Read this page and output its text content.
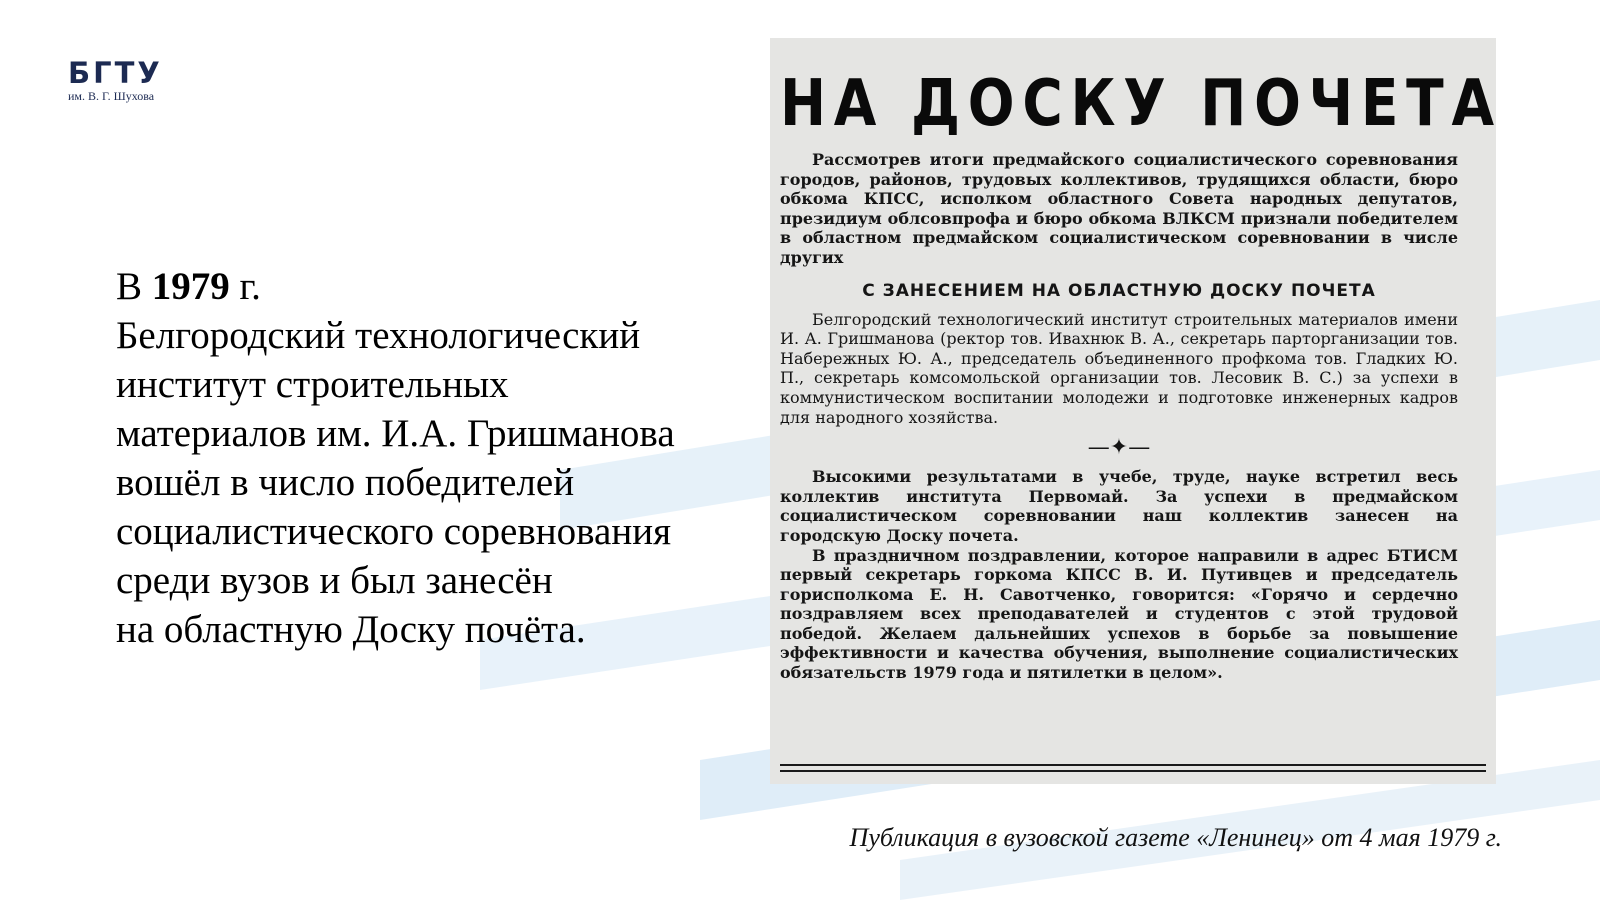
БГТУ
им. В. Г. Шухова
В 1979 г.
Белгородский технологический
институт строительных
материалов им. И.А. Гришманова
вошёл в число победителей
социалистического соревнования
среди вузов и был занесён
на областную Доску почёта.
НА ДОСКУ ПОЧЕТА

Рассмотрев итоги предмайского социалистического соревнования городов, районов, трудовых коллективов, трудящихся области, бюро обкома КПСС, исполком областного Совета народных депутатов, президиум облсовпрофа и бюро обкома ВЛКСМ признали победителем в областном предмайском социалистическом соревновании в числе других

С ЗАНЕСЕНИЕМ НА ОБЛАСТНУЮ ДОСКУ ПОЧЕТА

Белгородский технологический институт строительных материалов имени И. А. Гришманова (ректор тов. Ивахнюк В. А., секретарь парторганизации тов. Набережных Ю. А., председатель объединенного профкома тов. Гладких Ю. П., секретарь комсомольской организации тов. Лесовик В. С.) за успехи в коммунистическом воспитании молодежи и подготовке инженерных кадров для народного хозяйства.

—✦—

Высокими результатами в учебе, труде, науке встретил весь коллектив института Первомай. За успехи в предмайском социалистическом соревновании наш коллектив занесен на городскую Доску почета.

В праздничном поздравлении, которое направили в адрес БТИСМ первый секретарь горкома КПСС В. И. Путивцев и председатель горисполкома Е. Н. Савотченко, говорится: «Горячо и сердечно поздравляем всех преподавателей и студентов с этой трудовой победой. Желаем дальнейших успехов в борьбе за повышение эффективности и качества обучения, выполнение социалистических обязательств 1979 года и пятилетки в целом».

Публикация в вузовской газете «Ленинец» от 4 мая 1979 г.
